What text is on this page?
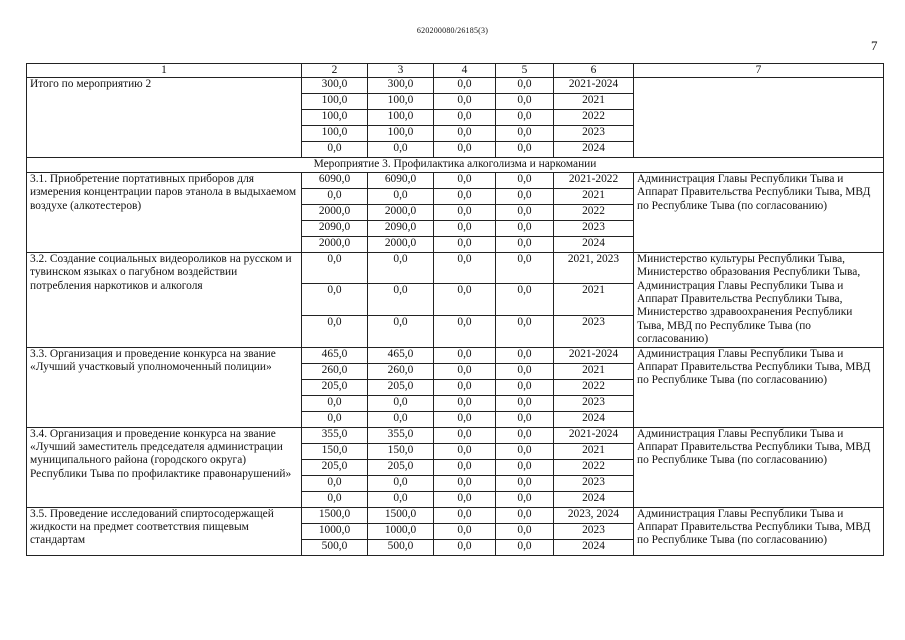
620200080/26185(3)
7
1	2	3	4	5	6	7
Итого по мероприятию 2	300,0	300,0	0,0	0,0	2021-2024	
	100,0	100,0	0,0	0,0	2021	
	100,0	100,0	0,0	0,0	2022	
	100,0	100,0	0,0	0,0	2023	
	0,0	0,0	0,0	0,0	2024	
Мероприятие 3. Профилактика алкоголизма и наркомании						
3.1. Приобретение портативных приборов для измерения концентрации паров этанола в выдыхаемом воздухе (алкотестеров)	6090,0	6090,0	0,0	0,0	2021-2022	Администрация Главы Республики Тыва и Аппарат Правительства Республики Тыва, МВД по Республике Тыва (по согласованию)
	0,0	0,0	0,0	0,0	2021	
	2000,0	2000,0	0,0	0,0	2022	
	2090,0	2090,0	0,0	0,0	2023	
	2000,0	2000,0	0,0	0,0	2024	
3.2. Создание социальных видеороликов на русском и тувинском языках о пагубном воздействии потребления наркотиков и алкоголя	0,0	0,0	0,0	0,0	2021, 2023	Министерство культуры Республики Тыва, Министерство образования Республики Тыва, Администрация Главы Республики Тыва и Аппарат Правительства Республики Тыва, Министерство здравоохранения Республики Тыва, МВД по Республике Тыва (по согласованию)
	0,0	0,0	0,0	0,0	2021	
	0,0	0,0	0,0	0,0	2023	
3.3. Организация и проведение конкурса на звание «Лучший участковый уполномоченный полиции»	465,0	465,0	0,0	0,0	2021-2024	Администрация Главы Республики Тыва и Аппарат Правительства Республики Тыва, МВД по Республике Тыва (по согласованию)
	260,0	260,0	0,0	0,0	2021	
	205,0	205,0	0,0	0,0	2022	
	0,0	0,0	0,0	0,0	2023	
	0,0	0,0	0,0	0,0	2024	
3.4. Организация и проведение конкурса на звание «Лучший заместитель председателя администрации муниципального района (городского округа) Республики Тыва по профилактике правонарушений»	355,0	355,0	0,0	0,0	2021-2024	Администрация Главы Республики Тыва и Аппарат Правительства Республики Тыва, МВД по Республике Тыва (по согласованию)
	150,0	150,0	0,0	0,0	2021	
	205,0	205,0	0,0	0,0	2022	
	0,0	0,0	0,0	0,0	2023	
	0,0	0,0	0,0	0,0	2024	
3.5. Проведение исследований спиртосодержащей жидкости на предмет соответствия пищевым стандартам	1500,0	1500,0	0,0	0,0	2023, 2024	Администрация Главы Республики Тыва и Аппарат Правительства Республики Тыва, МВД по Республике Тыва (по согласованию)
	1000,0	1000,0	0,0	0,0	2023	
	500,0	500,0	0,0	0,0	2024	
